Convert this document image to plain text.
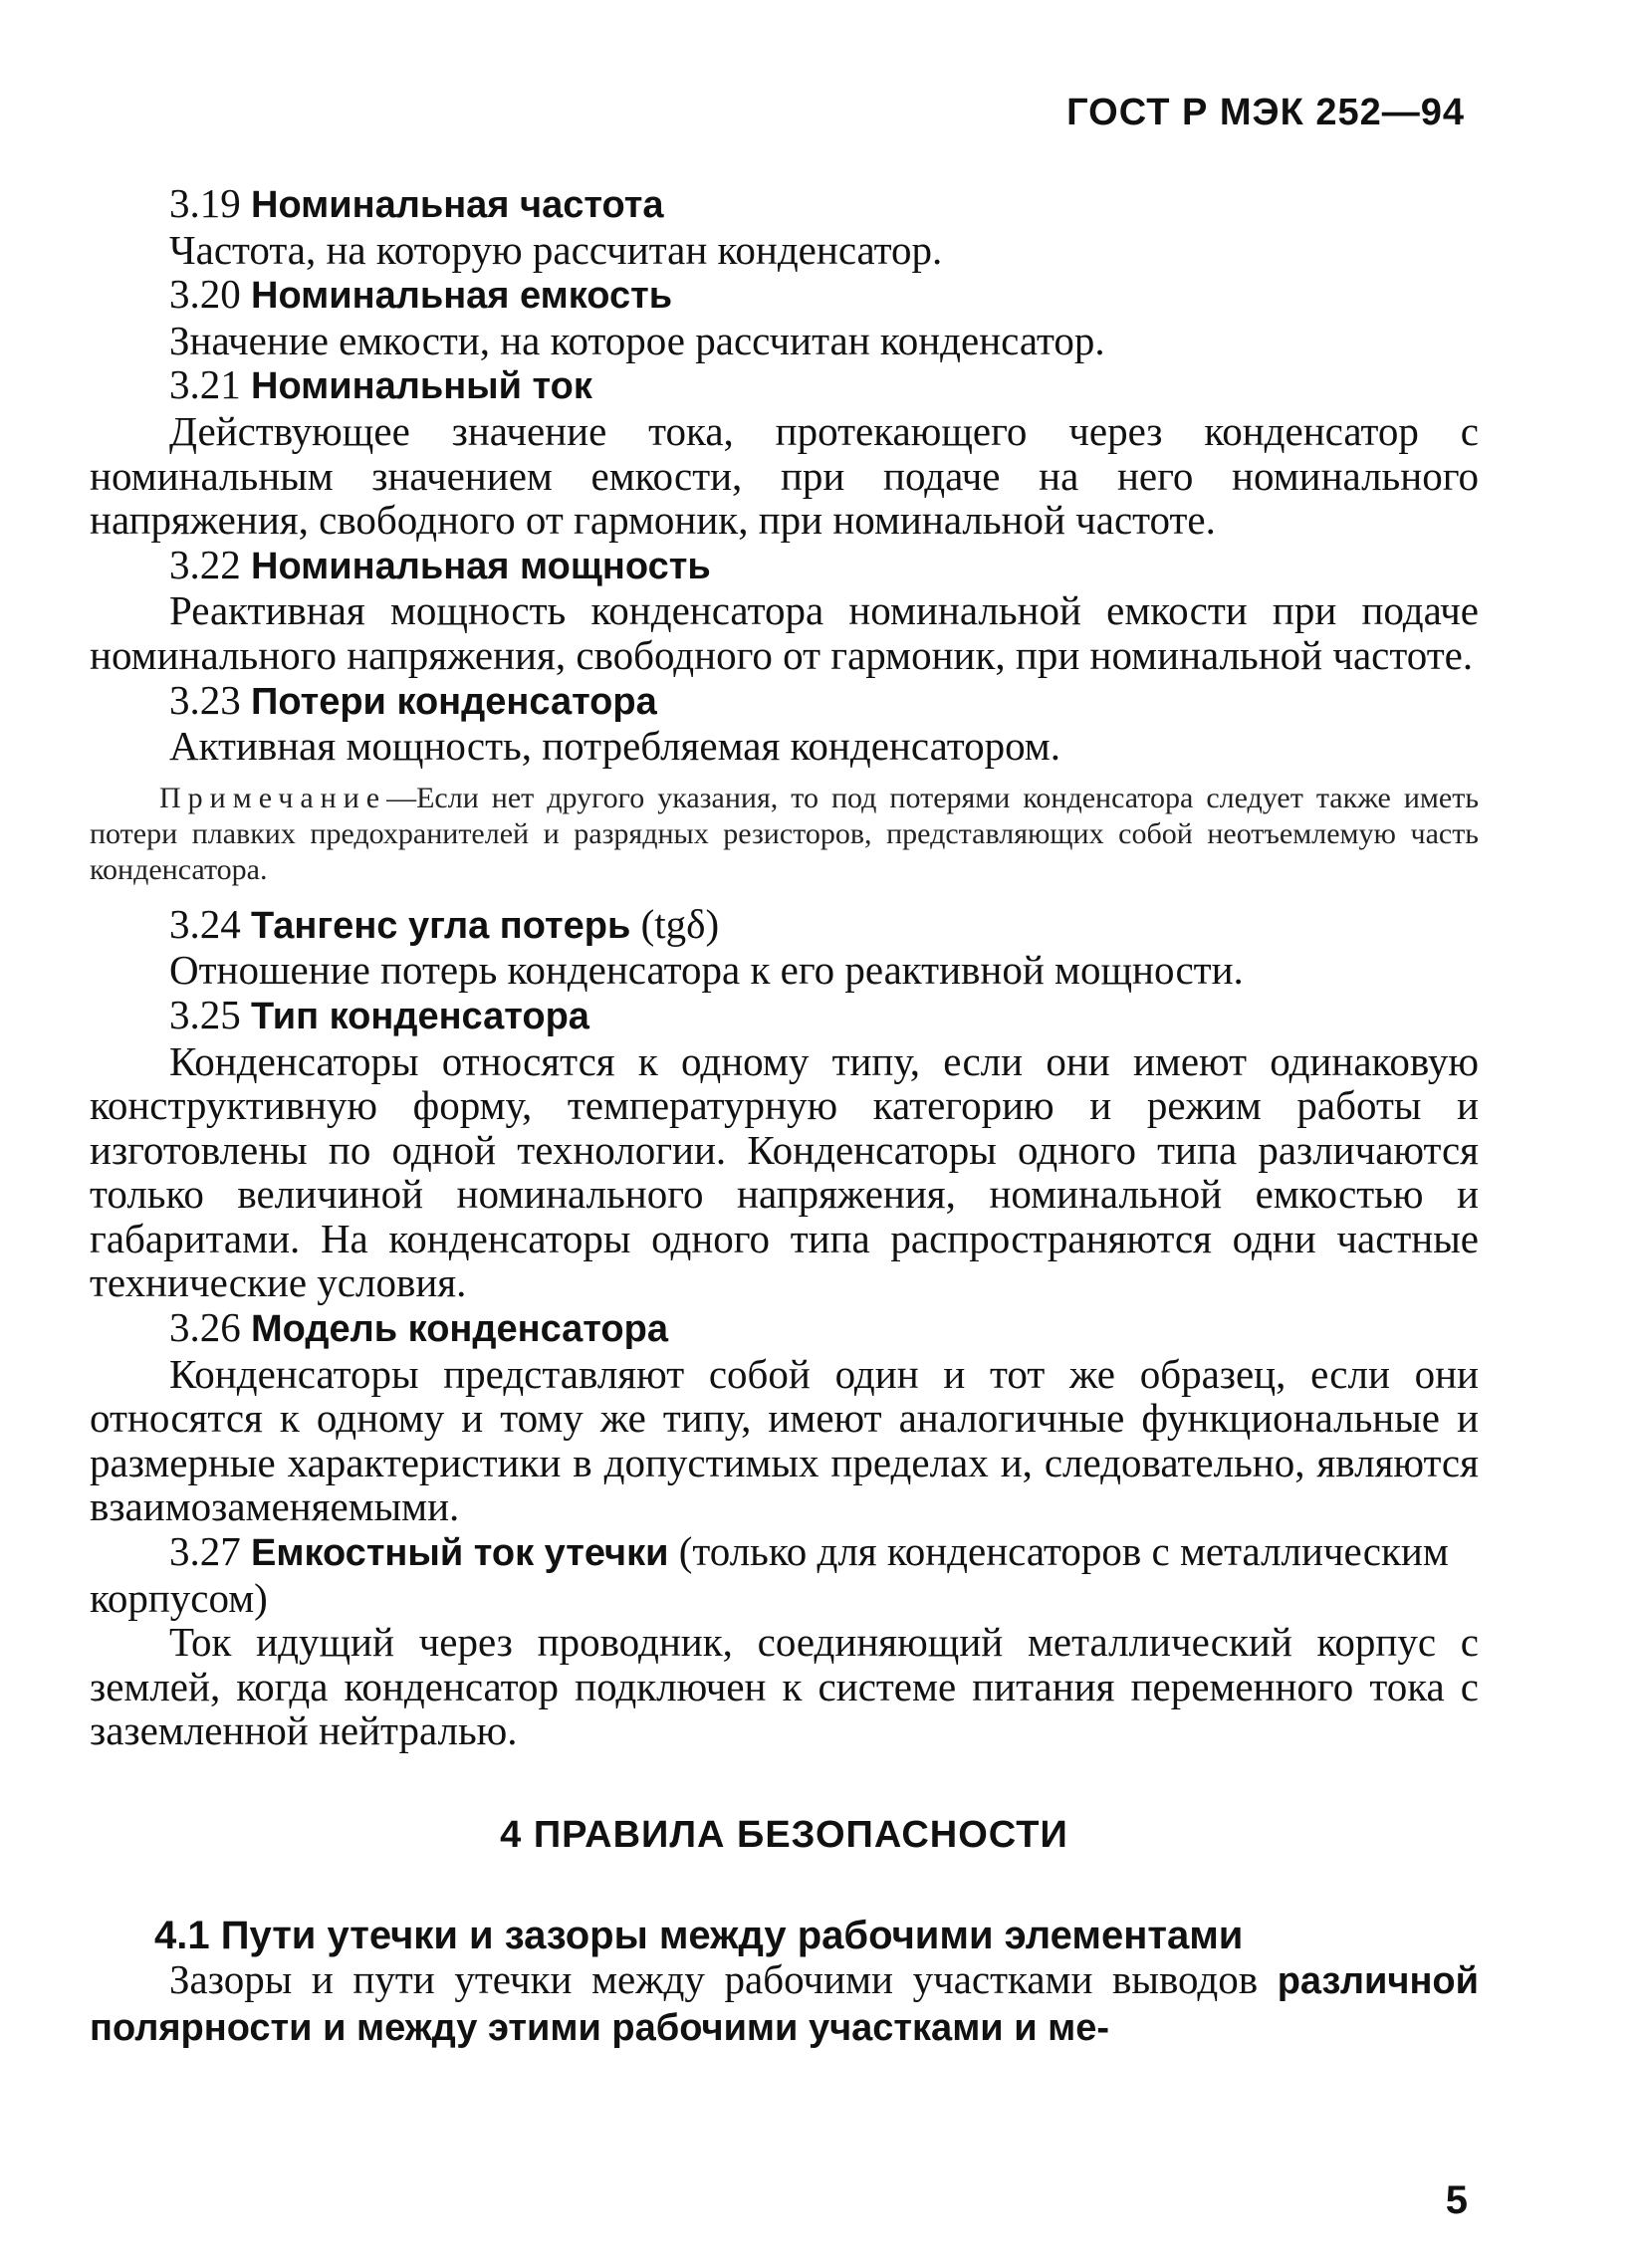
ГОСТ Р МЭК 252—94

3.19 Номинальная частота

Частота, на которую рассчитан конденсатор.

3.20 Номинальная емкость

Значение емкости, на которое рассчитан конденсатор.

3.21 Номинальный ток

Действующее значение тока, протекающего через конденсатор с номинальным значением емкости, при подаче на него номинального напряжения, свободного от гармоник, при номинальной частоте.

3.22 Номинальная мощность

Реактивная мощность конденсатора номинальной емкости при подаче номинального напряжения, свободного от гармоник, при номинальной частоте.

3.23 Потери конденсатора

Активная мощность, потребляемая конденсатором.

Примечание—Если нет другого указания, то под потерями конденсатора следует также иметь потери плавких предохранителей и разрядных резисторов, представляющих собой неотъемлемую часть конденсатора.

3.24 Тангенс угла потерь (tgδ)

Отношение потерь конденсатора к его реактивной мощности.

3.25 Тип конденсатора

Конденсаторы относятся к одному типу, если они имеют одинаковую конструктивную форму, температурную категорию и режим работы и изготовлены по одной технологии. Конденсаторы одного типа различаются только величиной номинального напряжения, номинальной емкостью и габаритами. На конденсаторы одного типа распространяются одни частные технические условия.

3.26 Модель конденсатора

Конденсаторы представляют собой один и тот же образец, если они относятся к одному и тому же типу, имеют аналогичные функциональные и размерные характеристики в допустимых пределах и, следовательно, являются взаимозаменяемыми.

3.27 Емкостный ток утечки (только для конденсаторов с металлическим корпусом)

Ток идущий через проводник, соединяющий металлический корпус с землей, когда конденсатор подключен к системе питания переменного тока с заземленной нейтралью.

4 ПРАВИЛА БЕЗОПАСНОСТИ

4.1 Пути утечки и зазоры между рабочими элементами

Зазоры и пути утечки между рабочими участками выводов различной полярности и между этими рабочими участками и ме-

5
